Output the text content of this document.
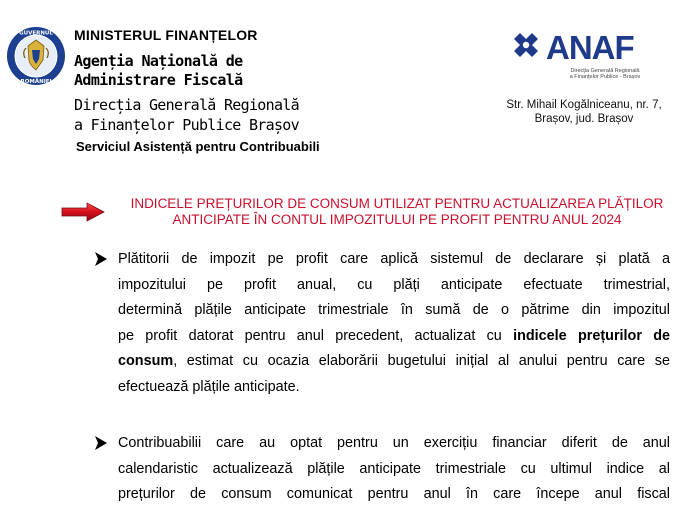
GUVERNUL
ROMÂNIEI
MINISTERUL FINANȚELOR
Agenția Națională de
Administrare Fiscală
Direcția Generală Regională
a Finanțelor Publice Brașov
Serviciul Asistență pentru Contribuabili
ANAF
Direcția Generală Regională
a Finanțelor Publice - Brașov
Str. Mihail Kogălniceanu, nr. 7,
Brașov, jud. Brașov
INDICELE PREȚURILOR DE CONSUM UTILIZAT PENTRU ACTUALIZAREA PLĂȚILOR
ANTICIPATE ÎN CONTUL IMPOZITULUI PE PROFIT PENTRU ANUL 2024
Plătitorii de impozit pe profit care aplică sistemul de declarare și plată a
impozitului pe profit anual, cu plăți anticipate efectuate trimestrial,
determină plățile anticipate trimestriale în sumă de o pătrime din impozitul
pe profit datorat pentru anul precedent, actualizat cu indicele prețurilor de
consum, estimat cu ocazia elaborării bugetului inițial al anului pentru care se
efectuează plățile anticipate.
Contribuabilii care au optat pentru un exercițiu financiar diferit de anul
calendaristic actualizează plățile anticipate trimestriale cu ultimul indice al
prețurilor de consum comunicat pentru anul în care începe anul fiscal
